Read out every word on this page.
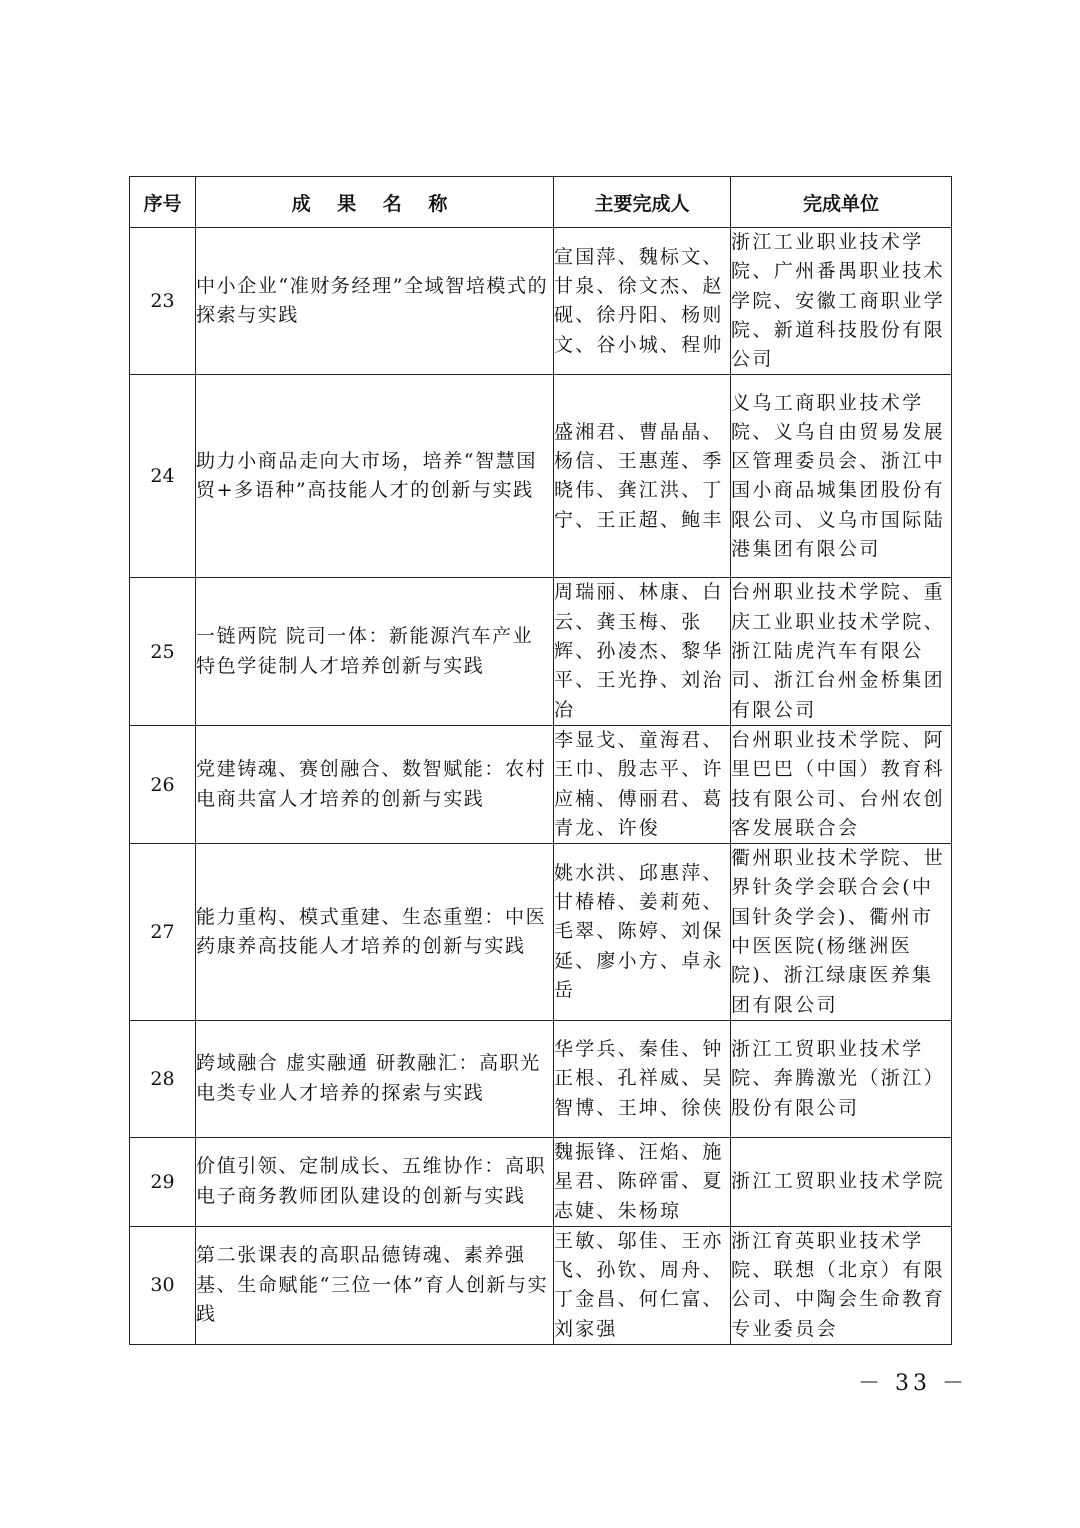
序号	成 果 名 称	主要完成人	完成单位
23	中小企业“准财务经理”全域智培模式的探索与实践	宣国萍、魏标文、甘泉、徐文杰、赵砚、徐丹阳、杨则文、谷小城、程帅	浙江工业职业技术学院、广州番禺职业技术学院、安徽工商职业学院、新道科技股份有限公司
24	助力小商品走向大市场，培养“智慧国贸+多语种”高技能人才的创新与实践	盛湘君、曹晶晶、杨信、王惠莲、季晓伟、龚江洪、丁宁、王正超、鲍丰	义乌工商职业技术学院、义乌自由贸易发展区管理委员会、浙江中国小商品城集团股份有限公司、义乌市国际陆港集团有限公司
25	一链两院 院司一体：新能源汽车产业特色学徒制人才培养创新与实践	周瑞丽、林康、白云、龚玉梅、张辉、孙凌杰、黎华平、王光挣、刘治冶	台州职业技术学院、重庆工业职业技术学院、浙江陆虎汽车有限公司、浙江台州金桥集团有限公司
26	党建铸魂、赛创融合、数智赋能：农村电商共富人才培养的创新与实践	李显戈、童海君、王巾、殷志平、许应楠、傅丽君、葛青龙、许俊	台州职业技术学院、阿里巴巴（中国）教育科技有限公司、台州农创客发展联合会
27	能力重构、模式重建、生态重塑：中医药康养高技能人才培养的创新与实践	姚水洪、邱惠萍、甘椿椿、姜莉苑、毛翠、陈婷、刘保延、廖小方、卓永岳	衢州职业技术学院、世界针灸学会联合会(中国针灸学会)、衢州市中医医院(杨继洲医院)、浙江绿康医养集团有限公司
28	跨域融合 虚实融通 研教融汇：高职光电类专业人才培养的探索与实践	华学兵、秦佳、钟正根、孔祥威、吴智博、王坤、徐侠	浙江工贸职业技术学院、奔腾激光（浙江）股份有限公司
29	价值引领、定制成长、五维协作：高职电子商务教师团队建设的创新与实践	魏振锋、汪焰、施星君、陈碎雷、夏志婕、朱杨琼	浙江工贸职业技术学院
30	第二张课表的高职品德铸魂、素养强基、生命赋能“三位一体”育人创新与实践	王敏、邬佳、王亦飞、孙钦、周舟、丁金昌、何仁富、刘家强	浙江育英职业技术学院、联想（北京）有限公司、中陶会生命教育专业委员会
－ 33 －
